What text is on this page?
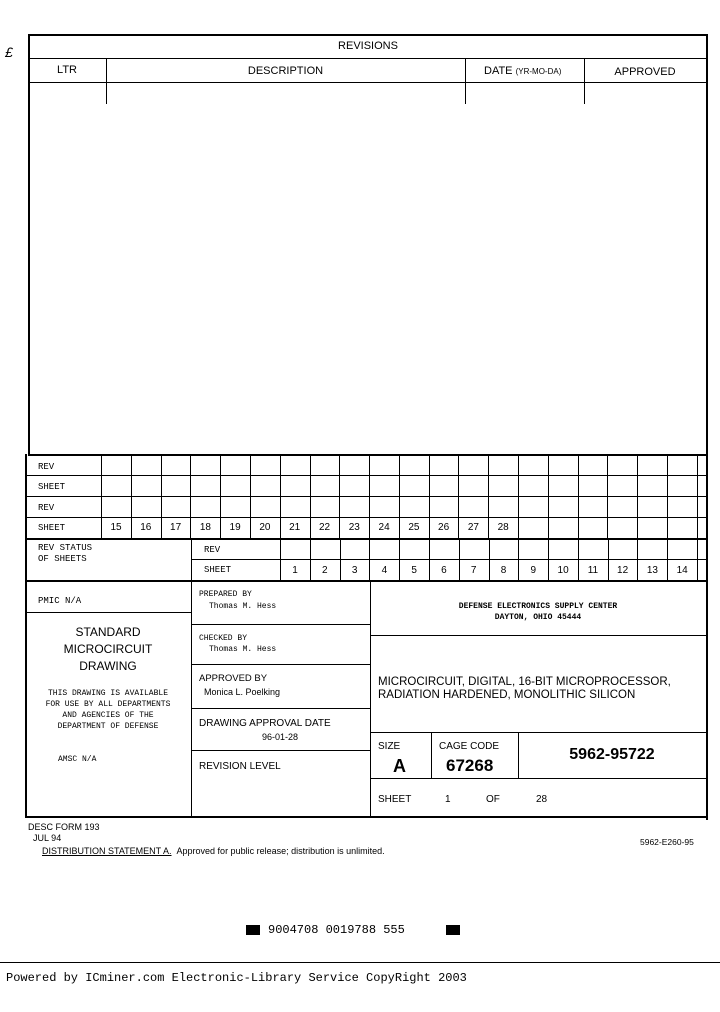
£	REVISIONS
LTR	DESCRIPTION	DATE (YR-MO-DA)	APPROVED
REV
SHEET
REV
SHEET	15	16	17	18	19	20	21	22	23	24	25	26	27	28
REV STATUS
OF SHEETS
REV
SHEET	1	2	3	4	5	6	7	8	9	10	11	12	13	14
PMIC N/A
STANDARD
MICROCIRCUIT
DRAWING
THIS DRAWING IS AVAILABLE
FOR USE BY ALL DEPARTMENTS
AND AGENCIES OF THE
DEPARTMENT OF DEFENSE
AMSC N/A
PREPARED BY
Thomas M. Hess
CHECKED BY
Thomas M. Hess
APPROVED BY
Monica L. Poelking
DRAWING APPROVAL DATE
96-01-28
REVISION LEVEL
DEFENSE ELECTRONICS SUPPLY CENTER
DAYTON, OHIO 45444
MICROCIRCUIT, DIGITAL, 16-BIT MICROPROCESSOR,
RADIATION HARDENED, MONOLITHIC SILICON
SIZE
A
CAGE CODE
67268
5962-95722
SHEET	1	OF	28
DESC FORM 193
JUL 94
DISTRIBUTION STATEMENT A. Approved for public release; distribution is unlimited.
5962-E260-95
9004708 0019788 555
Powered by ICminer.com Electronic-Library Service CopyRight 2003
